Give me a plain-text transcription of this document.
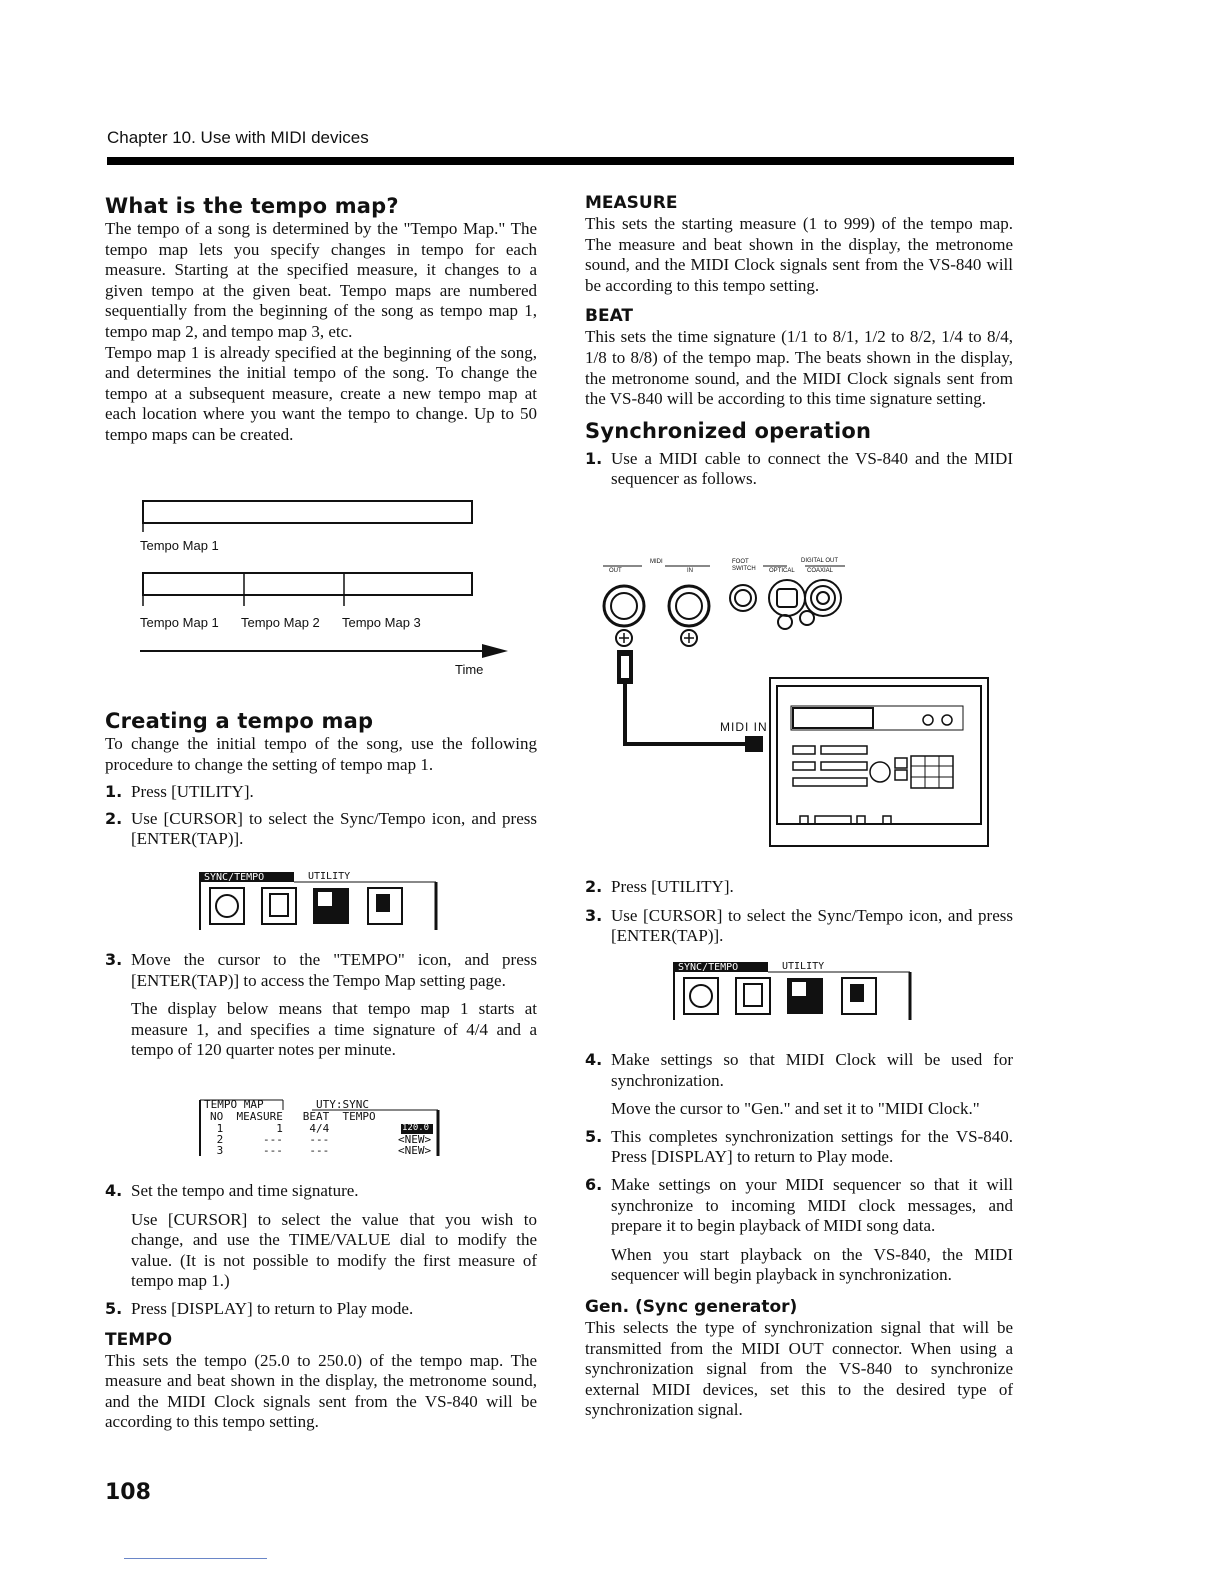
Chapter 10. Use with MIDI devices
What is the tempo map?

The tempo of a song is determined by the "Tempo Map." The tempo map lets you specify changes in tempo for each measure. Starting at the specified measure, it changes to a given tempo at the given beat. Tempo maps are numbered sequentially from the beginning of the song as tempo map 1, tempo map 2, and tempo map 3, etc.

Tempo map 1 is already specified at the beginning of the song, and determines the initial tempo of the song. To change the tempo at a subsequent measure, create a new tempo map at each location where you want the tempo to change. Up to 50 tempo maps can be created.

Tempo Map 1
Tempo Map 1 Tempo Map 2 Tempo Map 3
Time
Creating a tempo map

To change the initial tempo of the song, use the following procedure to change the setting of tempo map 1.

1. Press [UTILITY].
2. Use [CURSOR] to select the Sync/Tempo icon, and press [ENTER(TAP)].
SYNC/TEMPO	UTILITY
3. Move the cursor to the "TEMPO" icon, and press [ENTER(TAP)] to access the Tempo Map setting page.

The display below means that tempo map 1 starts at measure 1, and specifies a time signature of 4/4 and a tempo of 120 quarter notes per minute.

TEMPO MAP	UTY:SYNC
NO  MEASURE   BEAT  TEMPO
1        1    4/4	120.0
2      ---    ---	<NEW>
3      ---    ---	<NEW>
4. Set the tempo and time signature.

Use [CURSOR] to select the value that you wish to change, and use the TIME/VALUE dial to modify the value. (It is not possible to modify the first measure of tempo map 1.)

5. Press [DISPLAY] to return to Play mode.
TEMPO

This sets the tempo (25.0 to 250.0) of the tempo map. The measure and beat shown in the display, the metronome sound, and the MIDI Clock signals sent from the VS-840 will be according to this tempo setting.

MEASURE

This sets the starting measure (1 to 999) of the tempo map. The measure and beat shown in the display, the metronome sound, and the MIDI Clock signals sent from the VS-840 will be according to this tempo setting.

BEAT

This sets the time signature (1/1 to 8/1, 1/2 to 8/2, 1/4 to 8/4, 1/8 to 8/8) of the tempo map. The beats shown in the display, the metronome sound, and the MIDI Clock signals sent from the VS-840 will be according to this time signature setting.

Synchronized operation
1. Use a MIDI cable to connect the VS-840 and the MIDI sequencer as follows.
MIDI
OUT	IN
FOOT SWITCH
DIGITAL OUT
OPTICAL COAXIAL
MIDI IN
2. Press [UTILITY].
3. Use [CURSOR] to select the Sync/Tempo icon, and press [ENTER(TAP)].
SYNC/TEMPO	UTILITY
4. Make settings so that MIDI Clock will be used for synchronization.

Move the cursor to "Gen." and set it to "MIDI Clock."

5. This completes synchronization settings for the VS-840. Press [DISPLAY] to return to Play mode.
6. Make settings on your MIDI sequencer so that it will synchronize to incoming MIDI clock messages, and prepare it to begin playback of MIDI song data.

When you start playback on the VS-840, the MIDI sequencer will begin playback in synchronization.

Gen. (Sync generator)

This selects the type of synchronization signal that will be transmitted from the MIDI OUT connector. When using a synchronization signal from the VS-840 to synchronize external MIDI devices, set this to the desired type of synchronization signal.

108
